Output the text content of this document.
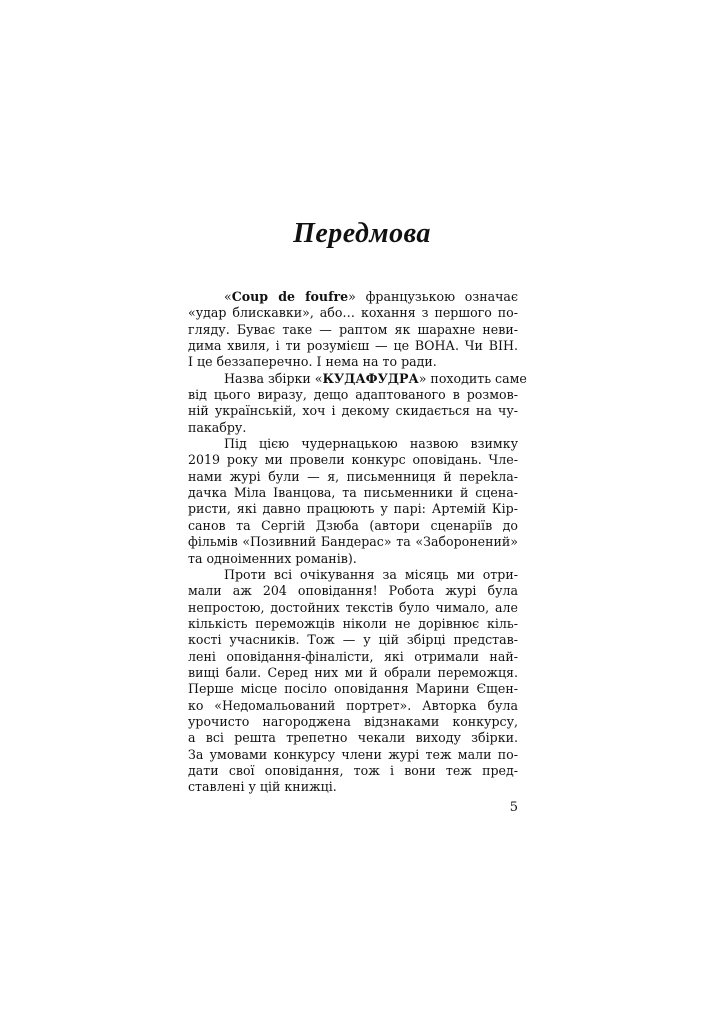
Передмова
«Coup de foufre» французькою означає
«удар блискавки», або… кохання з першого по-
гляду. Буває таке — раптом як шарахне неви-
дима хвиля, і ти розумієш — це ВОНА. Чи ВІН.
І це беззаперечно. І нема на то ради.
Назва збірки «КУДАФУДРА» походить саме
від цього виразу, дещо адаптованого в розмов-
ній українській, хоч і декому скидається на чу-
пакабру.
Під цією чудернацькою назвою взимку
2019 року ми провели конкурс оповідань. Чле-
нами журі були — я, письменниця й переkла-
дачка Міла Іванцова, та письменники й сцена-
ристи, які давно працюють у парі: Артемій Кір-
санов та Сергій Дзюба (автори сценаріїв до
фільмів «Позивний Бандерас» та «Заборонений»
та одноіменних романів).
Проти всі очікування за місяць ми отри-
мали аж 204 оповідання! Робота журі була
непростою, достойних текстів було чимало, але
кількість переможців ніколи не дорівнює кіль-
кості учасників. Тож — у цій збірці представ-
лені оповідання-фіналісти, які отримали най-
вищі бали. Серед них ми й обрали переможця.
Перше місце посіло оповідання Марини Єщен-
ко «Недомальований портрет». Авторка була
урочисто нагороджена відзнаками конкурсу,
а всі решта трепетно чекали виходу збірки.
За умовами конкурсу члени журі теж мали по-
дати свої оповідання, тож і вони теж пред-
ставлені у цій книжці.
5
